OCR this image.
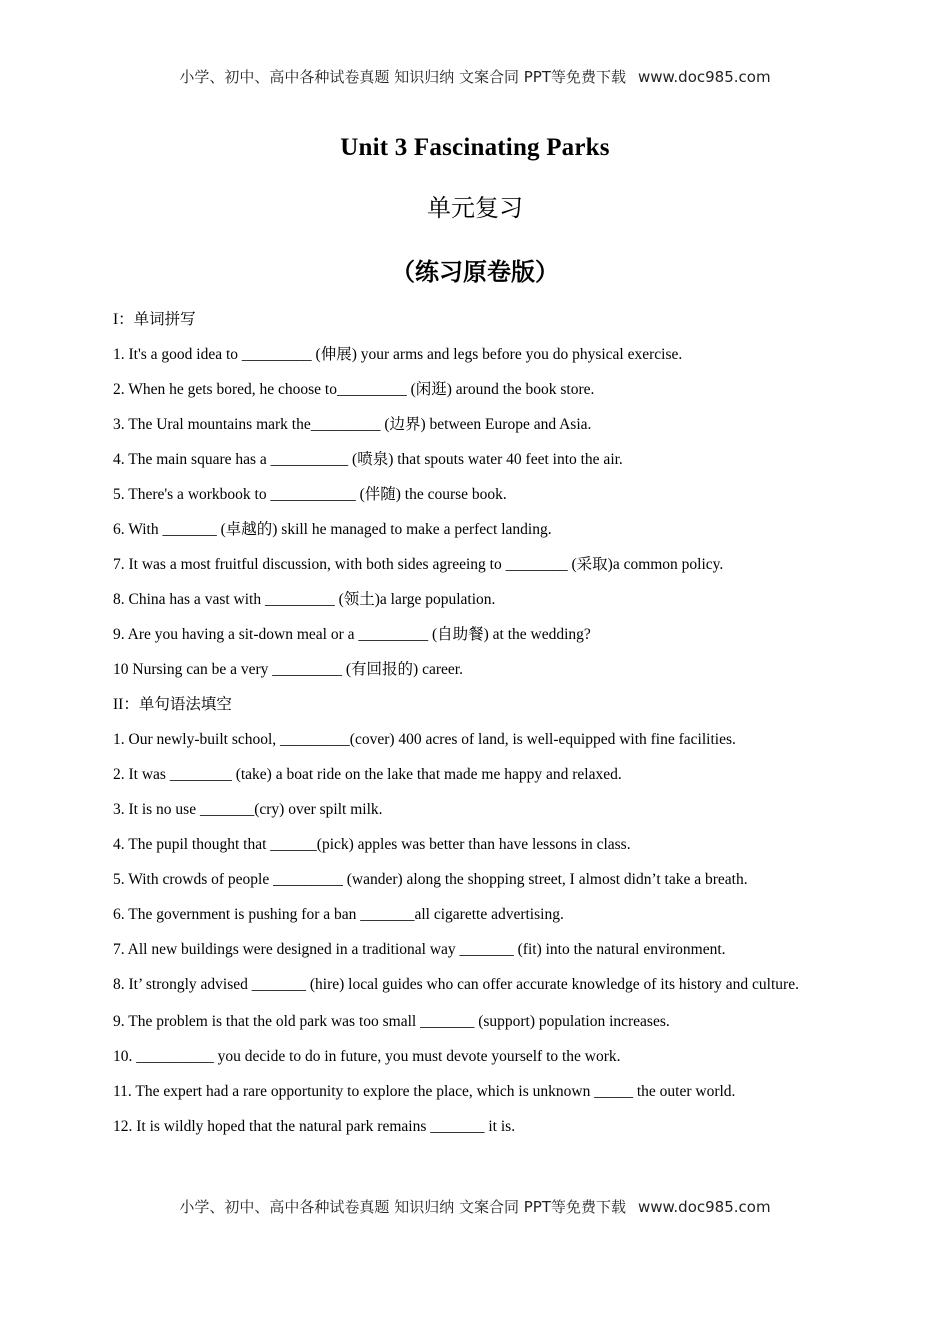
小学、初中、高中各种试卷真题 知识归纳 文案合同 PPT等免费下载 www.doc985.com
Unit 3 Fascinating Parks
单元复习
（练习原卷版）
I：单词拼写
1. It's a good idea to _________ (伸展) your arms and legs before you do physical exercise.
2. When he gets bored, he choose to_________ (闲逛) around the book store.
3. The Ural mountains mark the_________ (边界) between Europe and Asia.
4. The main square has a __________ (喷泉) that spouts water 40 feet into the air.
5. There's a workbook to ___________ (伴随) the course book.
6. With _______ (卓越的) skill he managed to make a perfect landing.
7. It was a most fruitful discussion, with both sides agreeing to ________ (采取)a common policy.
8. China has a vast with _________ (领土)a large population.
9. Are you having a sit-down meal or a _________ (自助餐) at the wedding?
10 Nursing can be a very _________ (有回报的) career.
II：单句语法填空
1. Our newly-built school, _________(cover) 400 acres of land, is well-equipped with fine facilities.
2. It was ________ (take) a boat ride on the lake that made me happy and relaxed.
3. It is no use _______(cry) over spilt milk.
4. The pupil thought that ______(pick) apples was better than have lessons in class.
5. With crowds of people _________ (wander) along the shopping street, I almost didn’t take a breath.
6. The government is pushing for a ban _______all cigarette advertising.
7. All new buildings were designed in a traditional way _______ (fit) into the natural environment.
8. It’ strongly advised _______ (hire) local guides who can offer accurate knowledge of its history and culture.
9. The problem is that the old park was too small _______ (support) population increases.
10. __________ you decide to do in future, you must devote yourself to the work.
11. The expert had a rare opportunity to explore the place, which is unknown _____ the outer world.
12. It is wildly hoped that the natural park remains _______ it is.
小学、初中、高中各种试卷真题 知识归纳 文案合同 PPT等免费下载 www.doc985.com
